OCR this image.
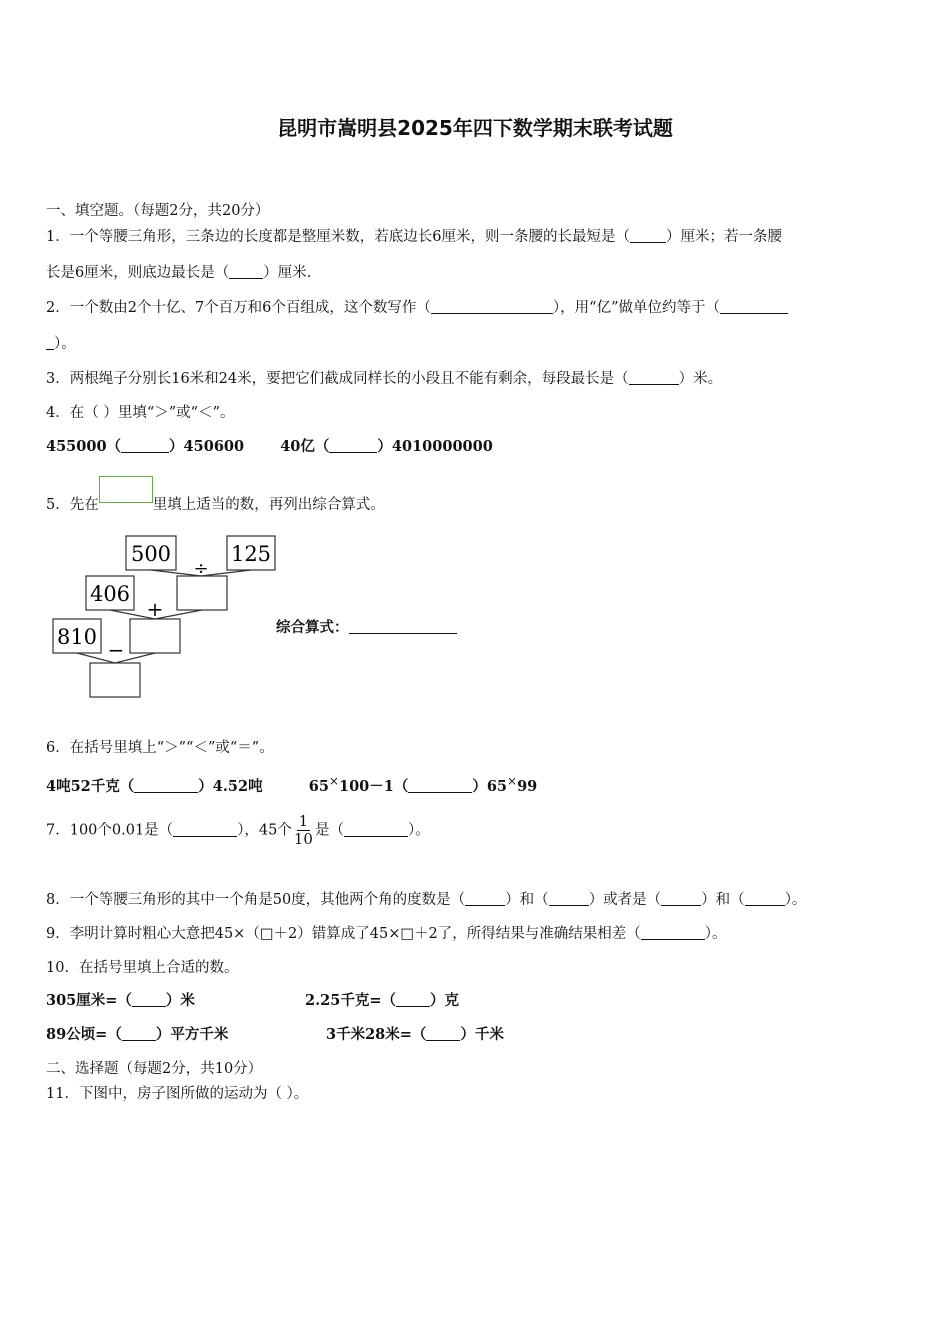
昆明市嵩明县2025年四下数学期末联考试题
一、填空题。（每题2分，共20分）
1．一个等腰三角形，三条边的长度都是整厘米数，若底边长6厘米，则一条腰的长最短是（ ）厘米；若一条腰
长是6厘米，则底边最长是（ ）厘米.
2．一个数由2个十亿、7个百万和6个百组成，这个数写作（	），用“亿”做单位约等于（
）。
3．两根绳子分别长16米和24米，要把它们截成同样长的小段且不能有剩余，每段最长是（	）米。
4．在（ ）里填“＞”或“＜”。
455000（	）450600 40亿（	）4010000000
5．先在	里填上适当的数，再列出综合算式。
500	125
406
810
÷
+
−
综合算式：
6．在括号里填上“＞”“＜”或“＝”。
4吨52千克（	）4.52吨	65×100－1（	）65×99
7．100个0.01是（	），45个 $\frac{1}{10}$ 是（	）。
8．一个等腰三角形的其中一个角是50度，其他两个角的度数是（	）和（	）或者是（	）和（	）。
9．李明计算时粗心大意把45×（□＋2）错算成了45×□＋2了，所得结果与准确结果相差（	）。
10．在括号里填上合适的数。
305厘米=（ ）米	2.25千克=（ ）克
89公顷=（ ）平方千米	3千米28米=（ ）千米
二、选择题（每题2分，共10分）
11．下图中，房子图所做的运动为（ ）。
